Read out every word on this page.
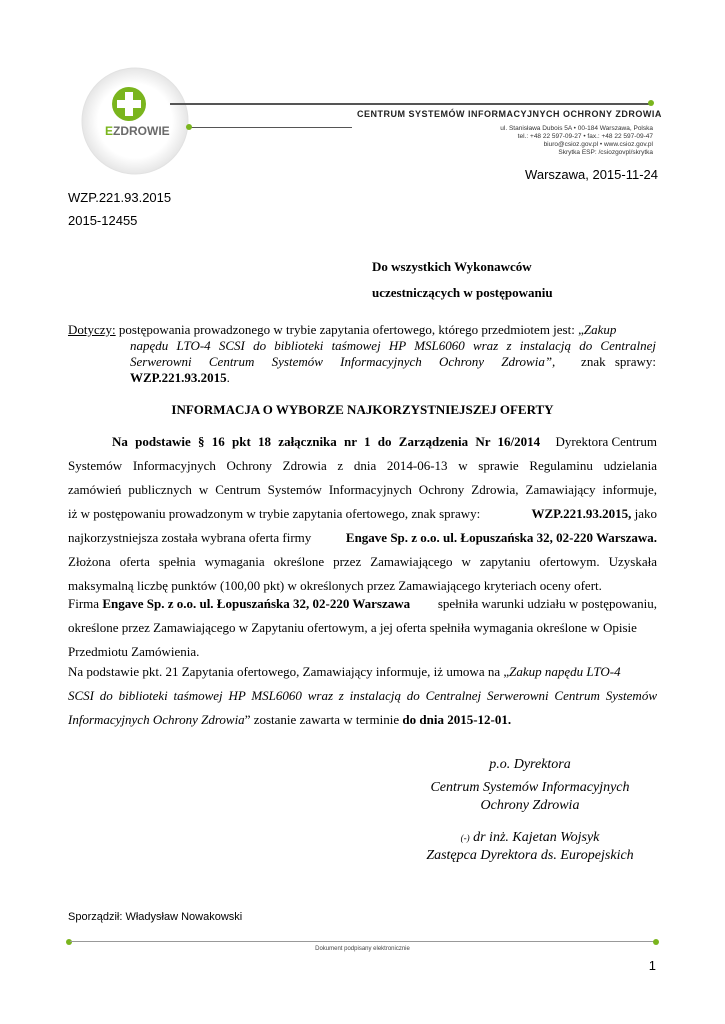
EZDROWIE
CENTRUM SYSTEMÓW INFORMACYJNYCH OCHRONY ZDROWIA
ul. Stanisława Dubois 5A • 00-184 Warszawa, Polska
tel.: +48 22 597-09-27 • fax.: +48 22 597-09-47
biuro@csioz.gov.pl • www.csioz.gov.pl
Skrytka ESP: /csiozgovpl/skrytka
Warszawa, 2015-11-24
WZP.221.93.2015
2015-12455
Do wszystkich Wykonawców
uczestniczących w postępowaniu
Dotyczy: postępowania prowadzonego w trybie zapytania ofertowego, którego przedmiotem jest: „Zakup
napędu LTO-4 SCSI do biblioteki taśmowej HP MSL6060 wraz z instalacją do Centralnej
Serwerowni Centrum Systemów Informacyjnych Ochrony Zdrowia”, znak sprawy:
WZP.221.93.2015.
INFORMACJA O WYBORZE NAJKORZYSTNIEJSZEJ OFERTY
Na podstawie § 16 pkt 18 załącznika nr 1 do Zarządzenia Nr 16/2014 Dyrektora Centrum
Systemów Informacyjnych Ochrony Zdrowia z dnia 2014-06-13 w sprawie Regulaminu udzielania
zamówień publicznych w Centrum Systemów Informacyjnych Ochrony Zdrowia, Zamawiający informuje,
iż w postępowaniu prowadzonym w trybie zapytania ofertowego, znak sprawy:	WZP.221.93.2015, jako
najkorzystniejsza została wybrana oferta firmy	Engave Sp. z o.o. ul. Łopuszańska 32, 02-220 Warszawa.
Złożona oferta spełnia wymagania określone przez Zamawiającego w zapytaniu ofertowym. Uzyskała
maksymalną liczbę punktów (100,00 pkt) w określonych przez Zamawiającego kryteriach oceny ofert.
Firma Engave Sp. z o.o. ul. Łopuszańska 32, 02-220 Warszawa spełniła warunki udziału w postępowaniu,
określone przez Zamawiającego w Zapytaniu ofertowym, a jej oferta spełniła wymagania określone w Opisie
Przedmiotu Zamówienia.
Na podstawie pkt. 21 Zapytania ofertowego, Zamawiający informuje, iż umowa na „Zakup napędu LTO-4
SCSI do biblioteki taśmowej HP MSL6060 wraz z instalacją do Centralnej Serwerowni Centrum Systemów
Informacyjnych Ochrony Zdrowia” zostanie zawarta w terminie do dnia 2015-12-01.
p.o. Dyrektora
Centrum Systemów Informacyjnych
Ochrony Zdrowia
(-) dr inż. Kajetan Wojsyk
Zastępca Dyrektora ds. Europejskich
Sporządził: Władysław Nowakowski
Dokument podpisany elektronicznie
1
